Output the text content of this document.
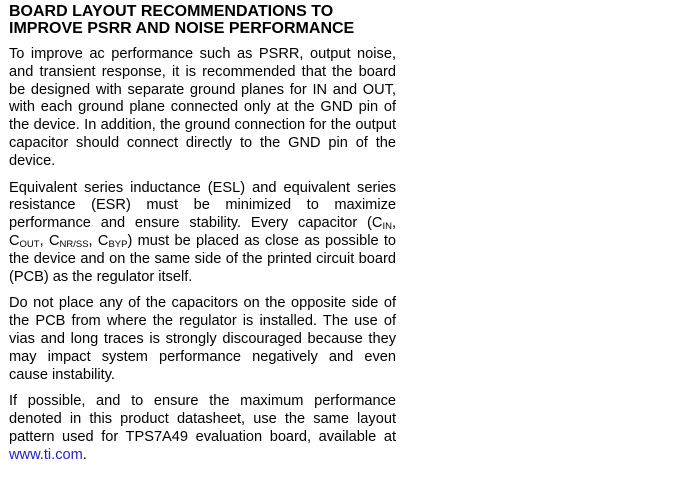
BOARD LAYOUT RECOMMENDATIONS TO
IMPROVE PSRR AND NOISE PERFORMANCE

To improve ac performance such as PSRR, output noise, and transient response, it is recommended that the board be designed with separate ground planes for IN and OUT, with each ground plane connected only at the GND pin of the device. In addition, the ground connection for the output capacitor should connect directly to the GND pin of the device.

Equivalent series inductance (ESL) and equivalent series resistance (ESR) must be minimized to maximize performance and ensure stability. Every capacitor ($C_{IN}$, $C_{OUT}$, $C_{NR/SS}$, $C_{BYP}$) must be placed as close as possible to the device and on the same side of the printed circuit board (PCB) as the regulator itself.

Do not place any of the capacitors on the opposite side of the PCB from where the regulator is installed. The use of vias and long traces is strongly discouraged because they may impact system performance negatively and even cause instability.

If possible, and to ensure the maximum performance denoted in this product datasheet, use the same layout pattern used for TPS7A49 evaluation board, available at www.ti.com.
